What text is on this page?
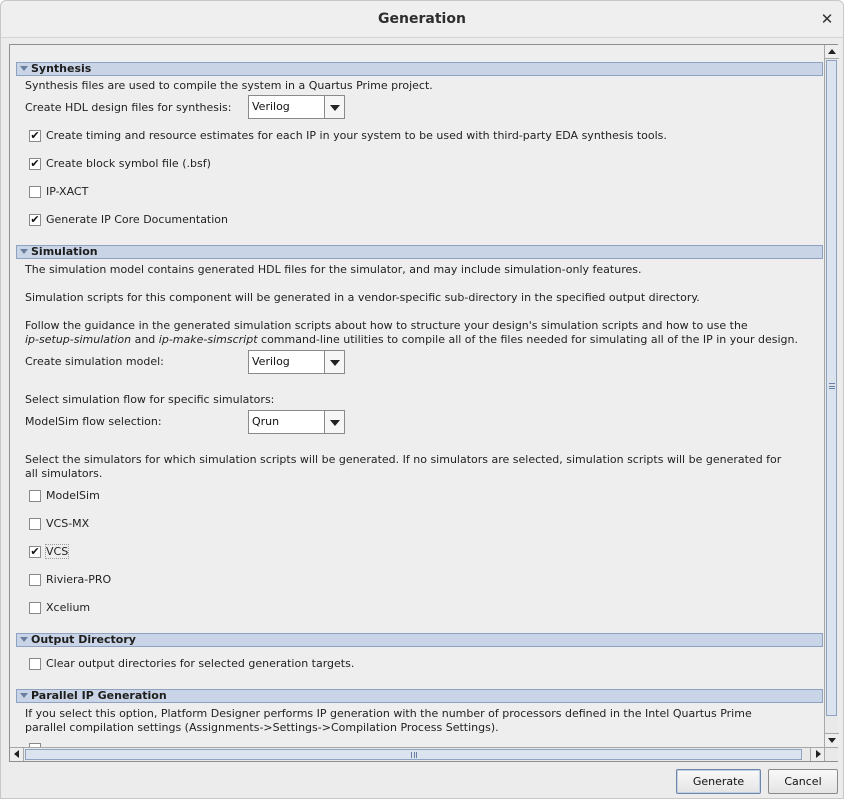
Generation	✕
Synthesis
Synthesis files are used to compile the system in a Quartus Prime project.
Create HDL design files for synthesis: Verilog
✔ Create timing and resource estimates for each IP in your system to be used with third-party EDA synthesis tools.
✔ Create block symbol file (.bsf)
IP-XACT
✔ Generate IP Core Documentation
Simulation
The simulation model contains generated HDL files for the simulator, and may include simulation-only features.
Simulation scripts for this component will be generated in a vendor-specific sub-directory in the specified output directory.
Follow the guidance in the generated simulation scripts about how to structure your design's simulation scripts and how to use the
ip-setup-simulation and ip-make-simscript command-line utilities to compile all of the files needed for simulating all of the IP in your design.
Create simulation model:	Verilog
Select simulation flow for specific simulators:
ModelSim flow selection:	Qrun
Select the simulators for which simulation scripts will be generated. If no simulators are selected, simulation scripts will be generated for
all simulators.
ModelSim
VCS-MX
✔ VCS
Riviera-PRO
Xcelium
Output Directory
Clear output directories for selected generation targets.
Parallel IP Generation
If you select this option, Platform Designer performs IP generation with the number of processors defined in the Intel Quartus Prime
parallel compilation settings (Assignments->Settings->Compilation Process Settings).
Generate	Cancel
